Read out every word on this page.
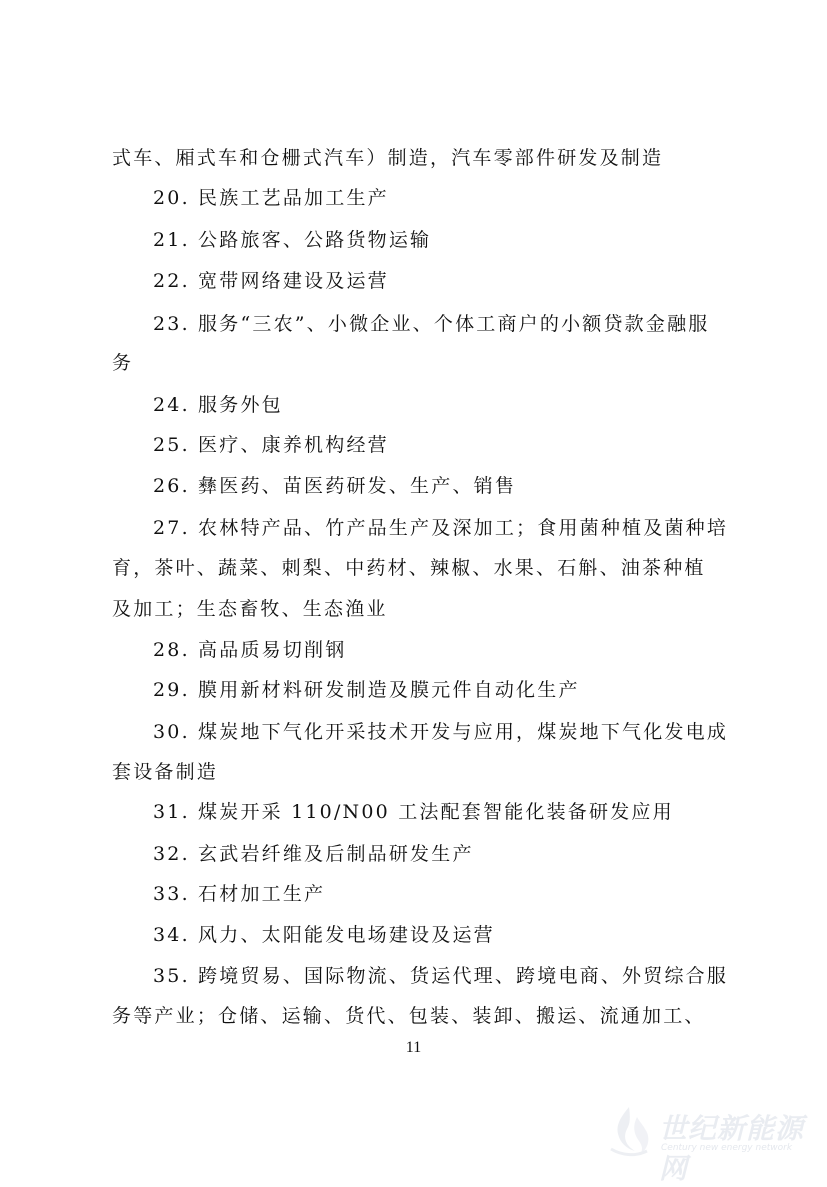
式车、厢式车和仓栅式汽车）制造，汽车零部件研发及制造
20. 民族工艺品加工生产
21. 公路旅客、公路货物运输
22. 宽带网络建设及运营
23. 服务“三农”、小微企业、个体工商户的小额贷款金融服
务
24. 服务外包
25. 医疗、康养机构经营
26. 彝医药、苗医药研发、生产、销售
27. 农林特产品、竹产品生产及深加工；食用菌种植及菌种培
育，茶叶、蔬菜、刺梨、中药材、辣椒、水果、石斛、油茶种植
及加工；生态畜牧、生态渔业
28. 高品质易切削钢
29. 膜用新材料研发制造及膜元件自动化生产
30. 煤炭地下气化开采技术开发与应用，煤炭地下气化发电成
套设备制造
31. 煤炭开采 110/N00 工法配套智能化装备研发应用
32. 玄武岩纤维及后制品研发生产
33. 石材加工生产
34. 风力、太阳能发电场建设及运营
35. 跨境贸易、国际物流、货运代理、跨境电商、外贸综合服
务等产业；仓储、运输、货代、包装、装卸、搬运、流通加工、
11
世纪新能源网
Century new energy network
